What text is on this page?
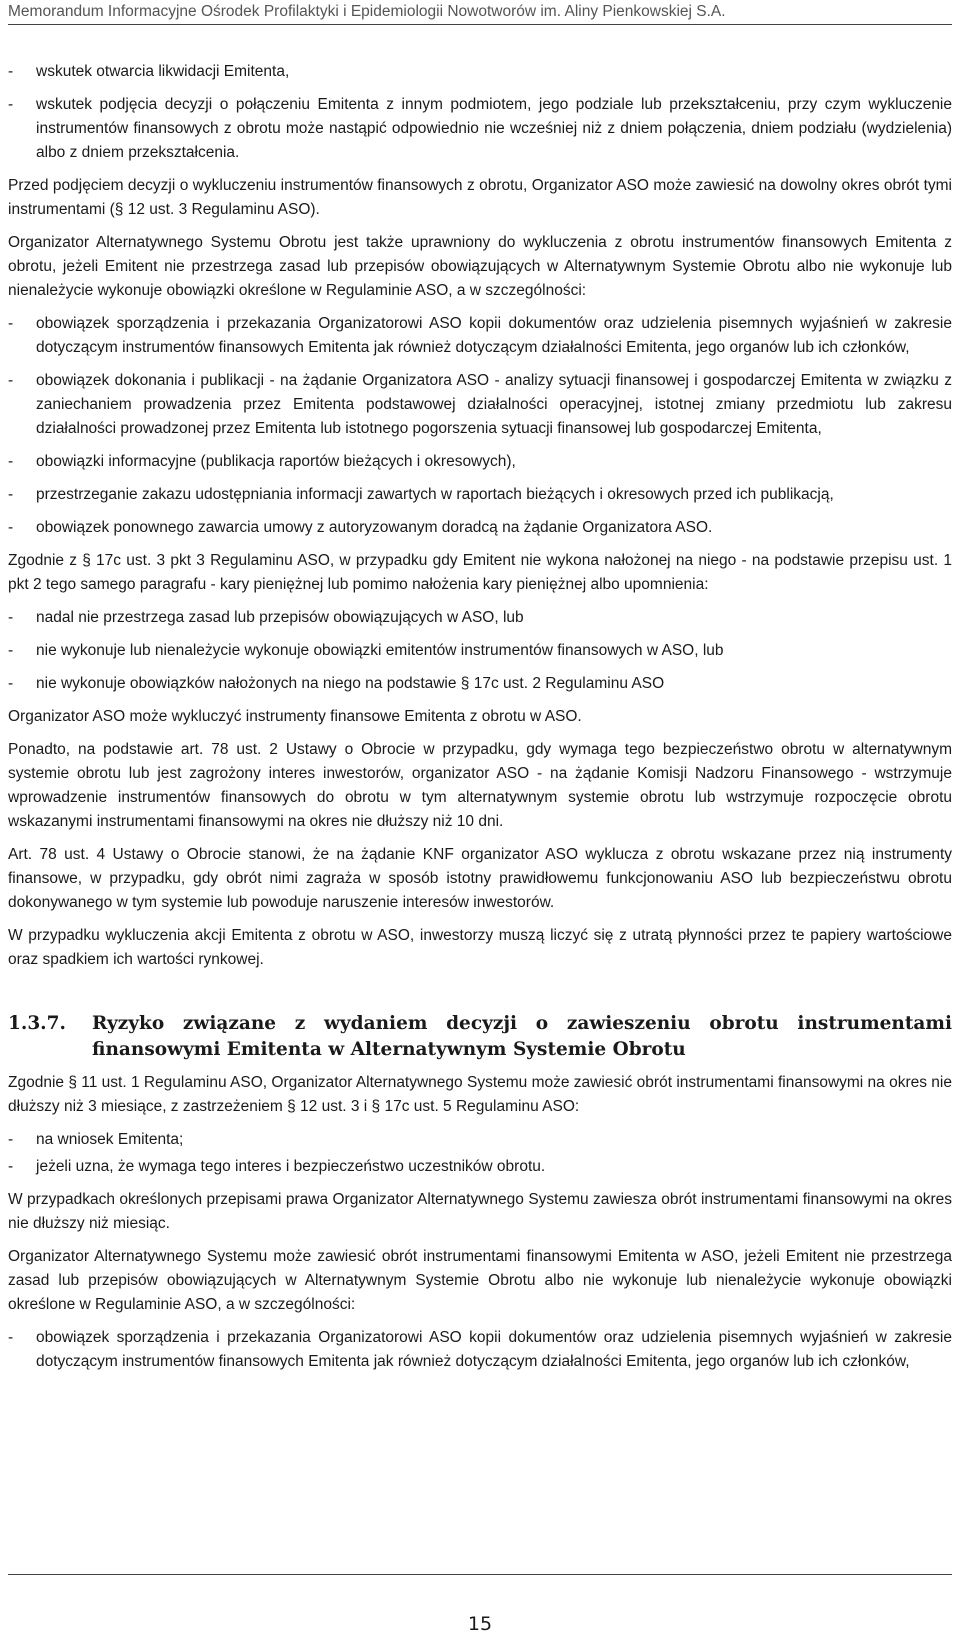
Memorandum Informacyjne Ośrodek Profilaktyki i Epidemiologii Nowotworów im. Aliny Pienkowskiej S.A.
- wskutek otwarcia likwidacji Emitenta,
- wskutek podjęcia decyzji o połączeniu Emitenta z innym podmiotem, jego podziale lub przekształceniu, przy czym wykluczenie instrumentów finansowych z obrotu może nastąpić odpowiednio nie wcześniej niż z dniem połączenia, dniem podziału (wydzielenia) albo z dniem przekształcenia.

Przed podjęciem decyzji o wykluczeniu instrumentów finansowych z obrotu, Organizator ASO może zawiesić na dowolny okres obrót tymi instrumentami (§ 12 ust. 3 Regulaminu ASO).

Organizator Alternatywnego Systemu Obrotu jest także uprawniony do wykluczenia z obrotu instrumentów finansowych Emitenta z obrotu, jeżeli Emitent nie przestrzega zasad lub przepisów obowiązujących w Alternatywnym Systemie Obrotu albo nie wykonuje lub nienależycie wykonuje obowiązki określone w Regulaminie ASO, a w szczególności:

- obowiązek sporządzenia i przekazania Organizatorowi ASO kopii dokumentów oraz udzielenia pisemnych wyjaśnień w zakresie dotyczącym instrumentów finansowych Emitenta jak również dotyczącym działalności Emitenta, jego organów lub ich członków,
- obowiązek dokonania i publikacji - na żądanie Organizatora ASO - analizy sytuacji finansowej i gospodarczej Emitenta w związku z zaniechaniem prowadzenia przez Emitenta podstawowej działalności operacyjnej, istotnej zmiany przedmiotu lub zakresu działalności prowadzonej przez Emitenta lub istotnego pogorszenia sytuacji finansowej lub gospodarczej Emitenta,
- obowiązki informacyjne (publikacja raportów bieżących i okresowych),
- przestrzeganie zakazu udostępniania informacji zawartych w raportach bieżących i okresowych przed ich publikacją,
- obowiązek ponownego zawarcia umowy z autoryzowanym doradcą na żądanie Organizatora ASO.

Zgodnie z § 17c ust. 3 pkt 3 Regulaminu ASO, w przypadku gdy Emitent nie wykona nałożonej na niego - na podstawie przepisu ust. 1 pkt 2 tego samego paragrafu - kary pieniężnej lub pomimo nałożenia kary pieniężnej albo upomnienia:

- nadal nie przestrzega zasad lub przepisów obowiązujących w ASO, lub
- nie wykonuje lub nienależycie wykonuje obowiązki emitentów instrumentów finansowych w ASO, lub
- nie wykonuje obowiązków nałożonych na niego na podstawie § 17c ust. 2 Regulaminu ASO

Organizator ASO może wykluczyć instrumenty finansowe Emitenta z obrotu w ASO.

Ponadto, na podstawie art. 78 ust. 2 Ustawy o Obrocie w przypadku, gdy wymaga tego bezpieczeństwo obrotu w alternatywnym systemie obrotu lub jest zagrożony interes inwestorów, organizator ASO - na żądanie Komisji Nadzoru Finansowego - wstrzymuje wprowadzenie instrumentów finansowych do obrotu w tym alternatywnym systemie obrotu lub wstrzymuje rozpoczęcie obrotu wskazanymi instrumentami finansowymi na okres nie dłuższy niż 10 dni.

Art. 78 ust. 4 Ustawy o Obrocie stanowi, że na żądanie KNF organizator ASO wyklucza z obrotu wskazane przez nią instrumenty finansowe, w przypadku, gdy obrót nimi zagraża w sposób istotny prawidłowemu funkcjonowaniu ASO lub bezpieczeństwu obrotu dokonywanego w tym systemie lub powoduje naruszenie interesów inwestorów.

W przypadku wykluczenia akcji Emitenta z obrotu w ASO, inwestorzy muszą liczyć się z utratą płynności przez te papiery wartościowe oraz spadkiem ich wartości rynkowej.

1.3.7. Ryzyko związane z wydaniem decyzji o zawieszeniu obrotu instrumentami finansowymi Emitenta w Alternatywnym Systemie Obrotu

Zgodnie § 11 ust. 1 Regulaminu ASO, Organizator Alternatywnego Systemu może zawiesić obrót instrumentami finansowymi na okres nie dłuższy niż 3 miesiące, z zastrzeżeniem § 12 ust. 3 i § 17c ust. 5 Regulaminu ASO:

- na wniosek Emitenta;
- jeżeli uzna, że wymaga tego interes i bezpieczeństwo uczestników obrotu.

W przypadkach określonych przepisami prawa Organizator Alternatywnego Systemu zawiesza obrót instrumentami finansowymi na okres nie dłuższy niż miesiąc.

Organizator Alternatywnego Systemu może zawiesić obrót instrumentami finansowymi Emitenta w ASO, jeżeli Emitent nie przestrzega zasad lub przepisów obowiązujących w Alternatywnym Systemie Obrotu albo nie wykonuje lub nienależycie wykonuje obowiązki określone w Regulaminie ASO, a w szczególności:

- obowiązek sporządzenia i przekazania Organizatorowi ASO kopii dokumentów oraz udzielenia pisemnych wyjaśnień w zakresie dotyczącym instrumentów finansowych Emitenta jak również dotyczącym działalności Emitenta, jego organów lub ich członków,
15
